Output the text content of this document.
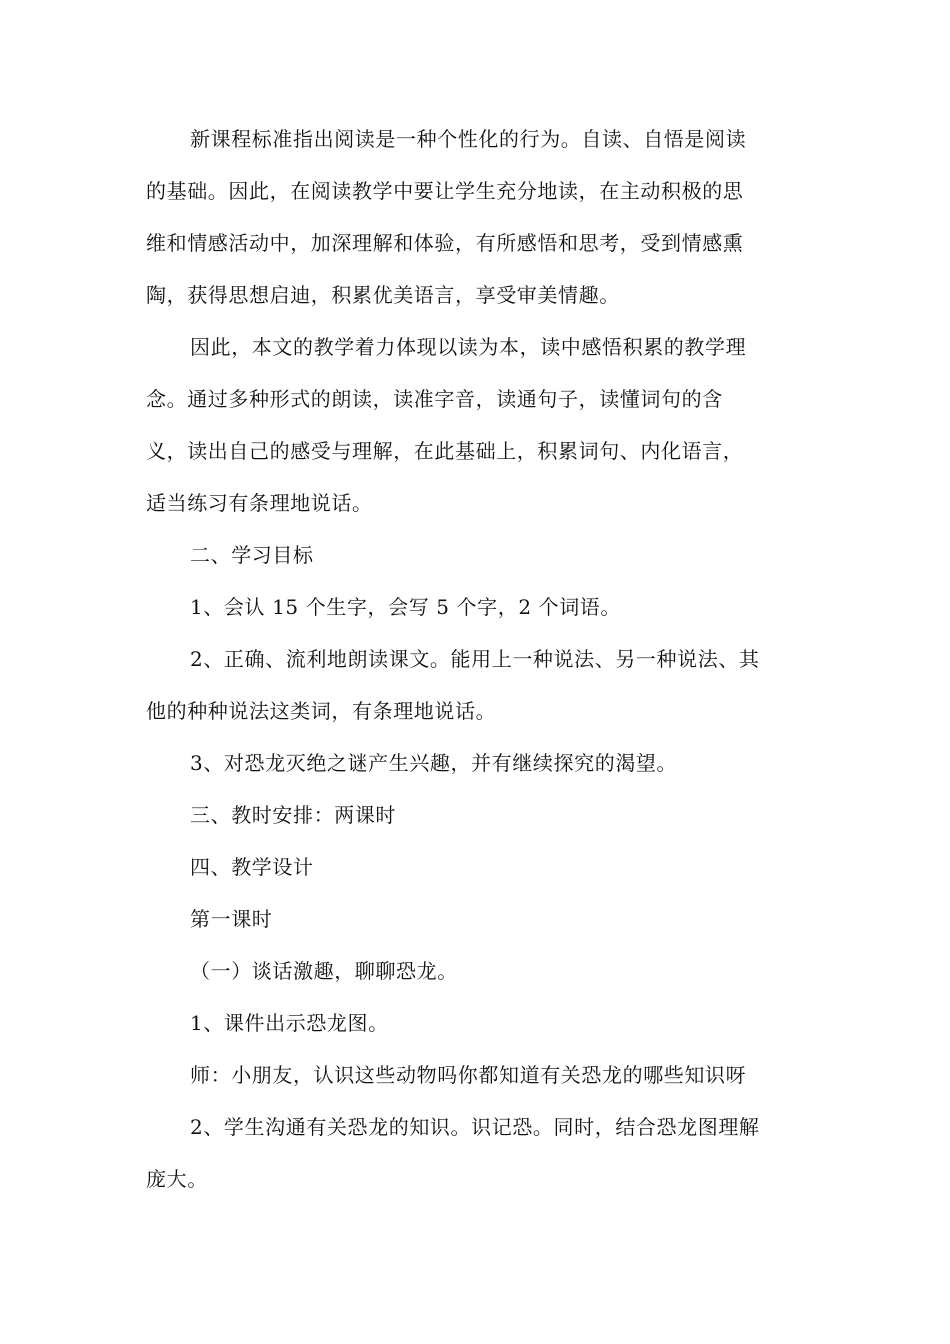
新课程标准指出阅读是一种个性化的行为。自读、自悟是阅读
的基础。因此，在阅读教学中要让学生充分地读，在主动积极的思
维和情感活动中，加深理解和体验，有所感悟和思考，受到情感熏
陶，获得思想启迪，积累优美语言，享受审美情趣。
因此，本文的教学着力体现以读为本，读中感悟积累的教学理
念。通过多种形式的朗读，读准字音，读通句子，读懂词句的含
义，读出自己的感受与理解，在此基础上，积累词句、内化语言，
适当练习有条理地说话。
二、学习目标
1、会认 15 个生字，会写 5 个字，2 个词语。
2、正确、流利地朗读课文。能用上一种说法、另一种说法、其
他的种种说法这类词，有条理地说话。
3、对恐龙灭绝之谜产生兴趣，并有继续探究的渴望。
三、教时安排：两课时
四、教学设计
第一课时
（一）谈话激趣，聊聊恐龙。
1、课件出示恐龙图。
师：小朋友，认识这些动物吗你都知道有关恐龙的哪些知识呀
2、学生沟通有关恐龙的知识。识记恐。同时，结合恐龙图理解
庞大。
